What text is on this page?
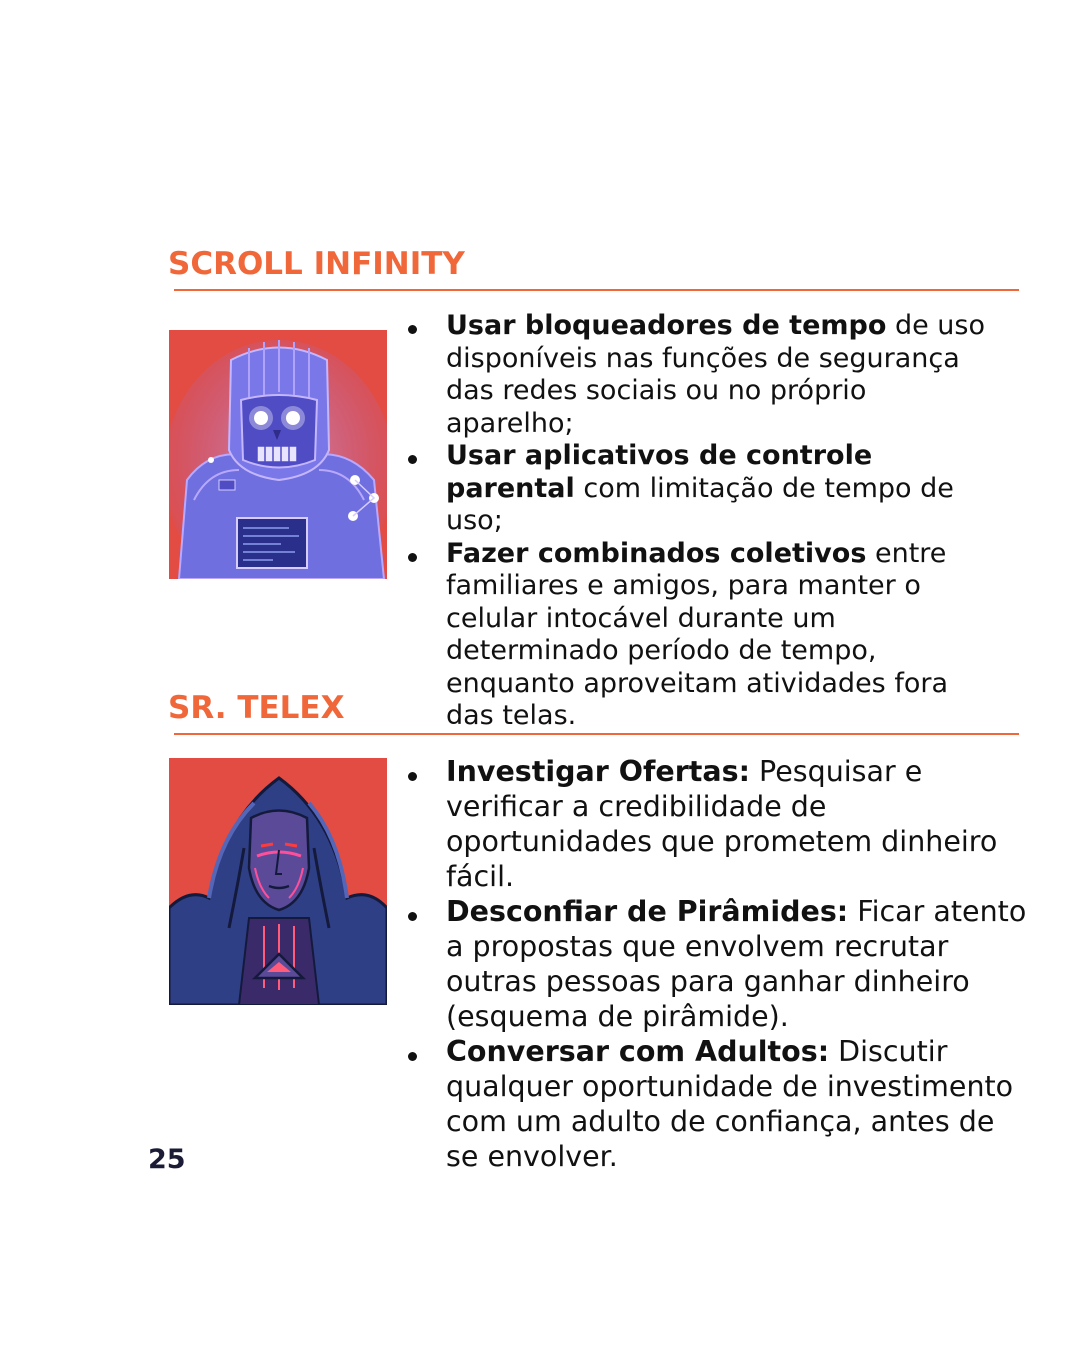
SCROLL INFINITY
Usar bloqueadores de tempo de uso disponíveis nas funções de segurança das redes sociais ou no próprio aparelho;
Usar aplicativos de controle parental com limitação de tempo de uso;
Fazer combinados coletivos entre familiares e amigos, para manter o celular intocável durante um determinado período de tempo, enquanto aproveitam atividades fora das telas.
SR. TELEX
Investigar Ofertas: Pesquisar e verificar a credibilidade de oportunidades que prometem dinheiro fácil.
Desconfiar de Pirâmides: Ficar atento a propostas que envolvem recrutar outras pessoas para ganhar dinheiro (esquema de pirâmide).
Conversar com Adultos: Discutir qualquer oportunidade de investimento com um adulto de confiança, antes de se envolver.

25
